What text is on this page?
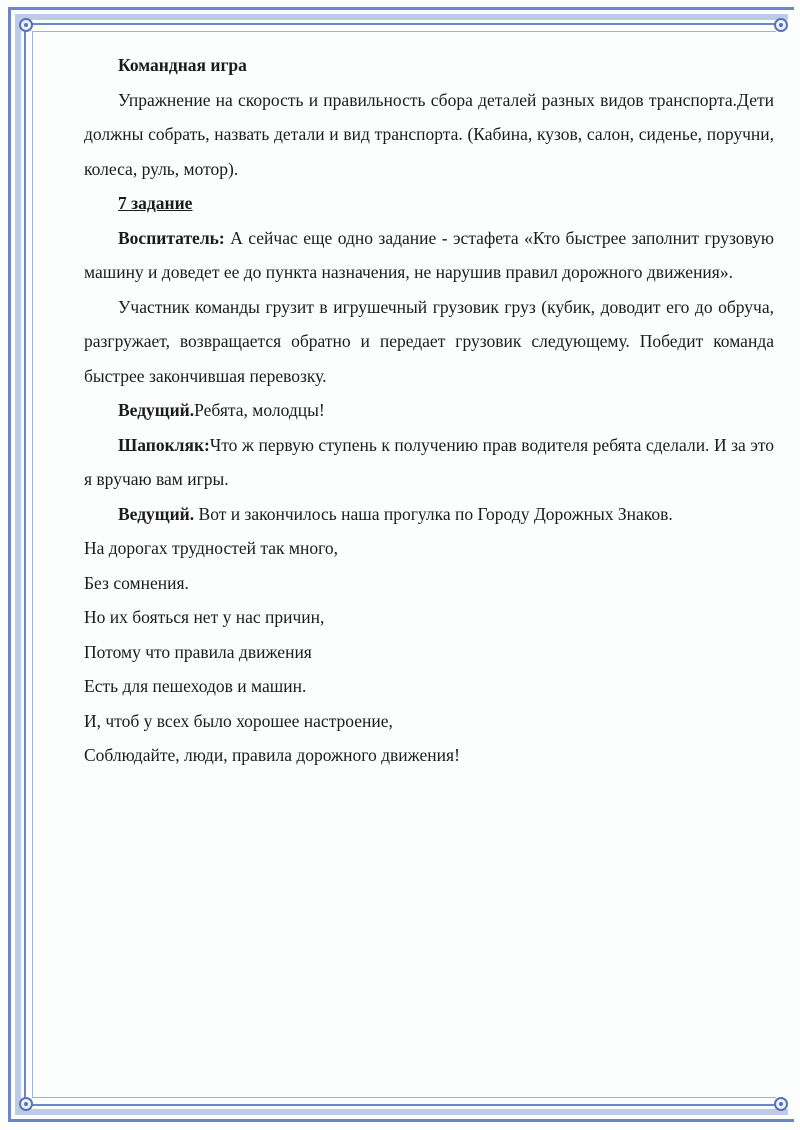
Командная игра

Упражнение на скорость и правильность сбора деталей разных видов транспорта.Дети должны собрать, назвать детали и вид транспорта. (Кабина, кузов, салон, сиденье, поручни, колеса, руль, мотор).

7 задание

Воспитатель: А сейчас еще одно задание - эстафета «Кто быстрее заполнит грузовую машину и доведет ее до пункта назначения, не нарушив правил дорожного движения».

Участник команды грузит в игрушечный грузовик груз (кубик, доводит его до обруча, разгружает, возвращается обратно и передает грузовик следующему. Победит команда быстрее закончившая перевозку.

Ведущий.Ребята, молодцы!

Шапокляк:Что ж первую ступень к получению прав водителя ребята сделали. И за это я вручаю вам игры.

Ведущий. Вот и закончилось наша прогулка по Городу Дорожных Знаков.

На дорогах трудностей так много,

Без сомнения.

Но их бояться нет у нас причин,

Потому что правила движения

Есть для пешеходов и машин.

И, чтоб у всех было хорошее настроение,

Соблюдайте, люди, правила дорожного движения!
